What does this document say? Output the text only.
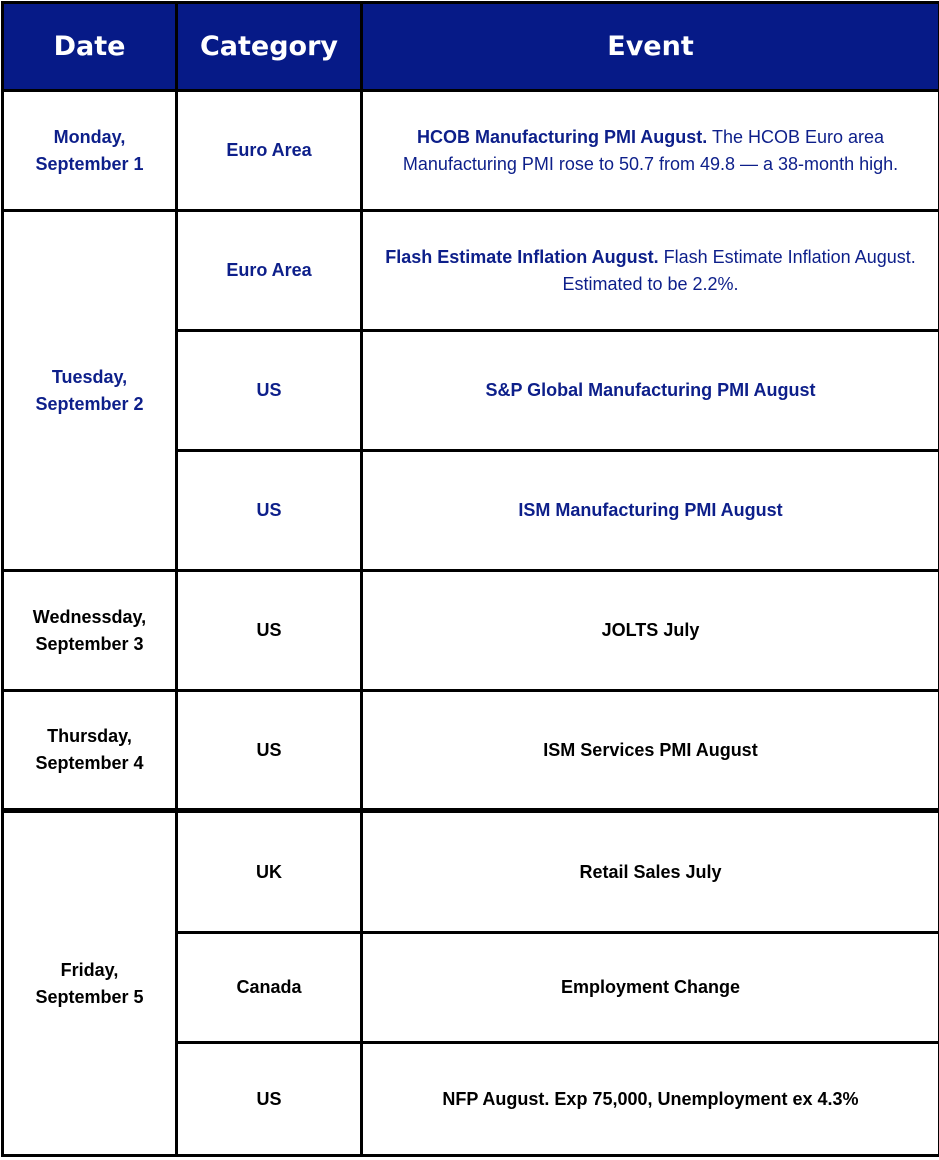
Date	Category	Event
Monday,
September 1	Euro Area	HCOB Manufacturing PMI August. The HCOB Euro area Manufacturing PMI rose to 50.7 from 49.8 — a 38-month high.
Tuesday,
September 2	Euro Area	Flash Estimate Inflation August. Flash Estimate Inflation August. Estimated to be 2.2%.
	US	S&P Global Manufacturing PMI August
	US	ISM Manufacturing PMI August
Wednessday,
September 3	US	JOLTS July
Thursday,
September 4	US	ISM Services PMI August
Friday,
September 5	UK	Retail Sales July
	Canada	Employment Change
	US	NFP August. Exp 75,000, Unemployment ex 4.3%
